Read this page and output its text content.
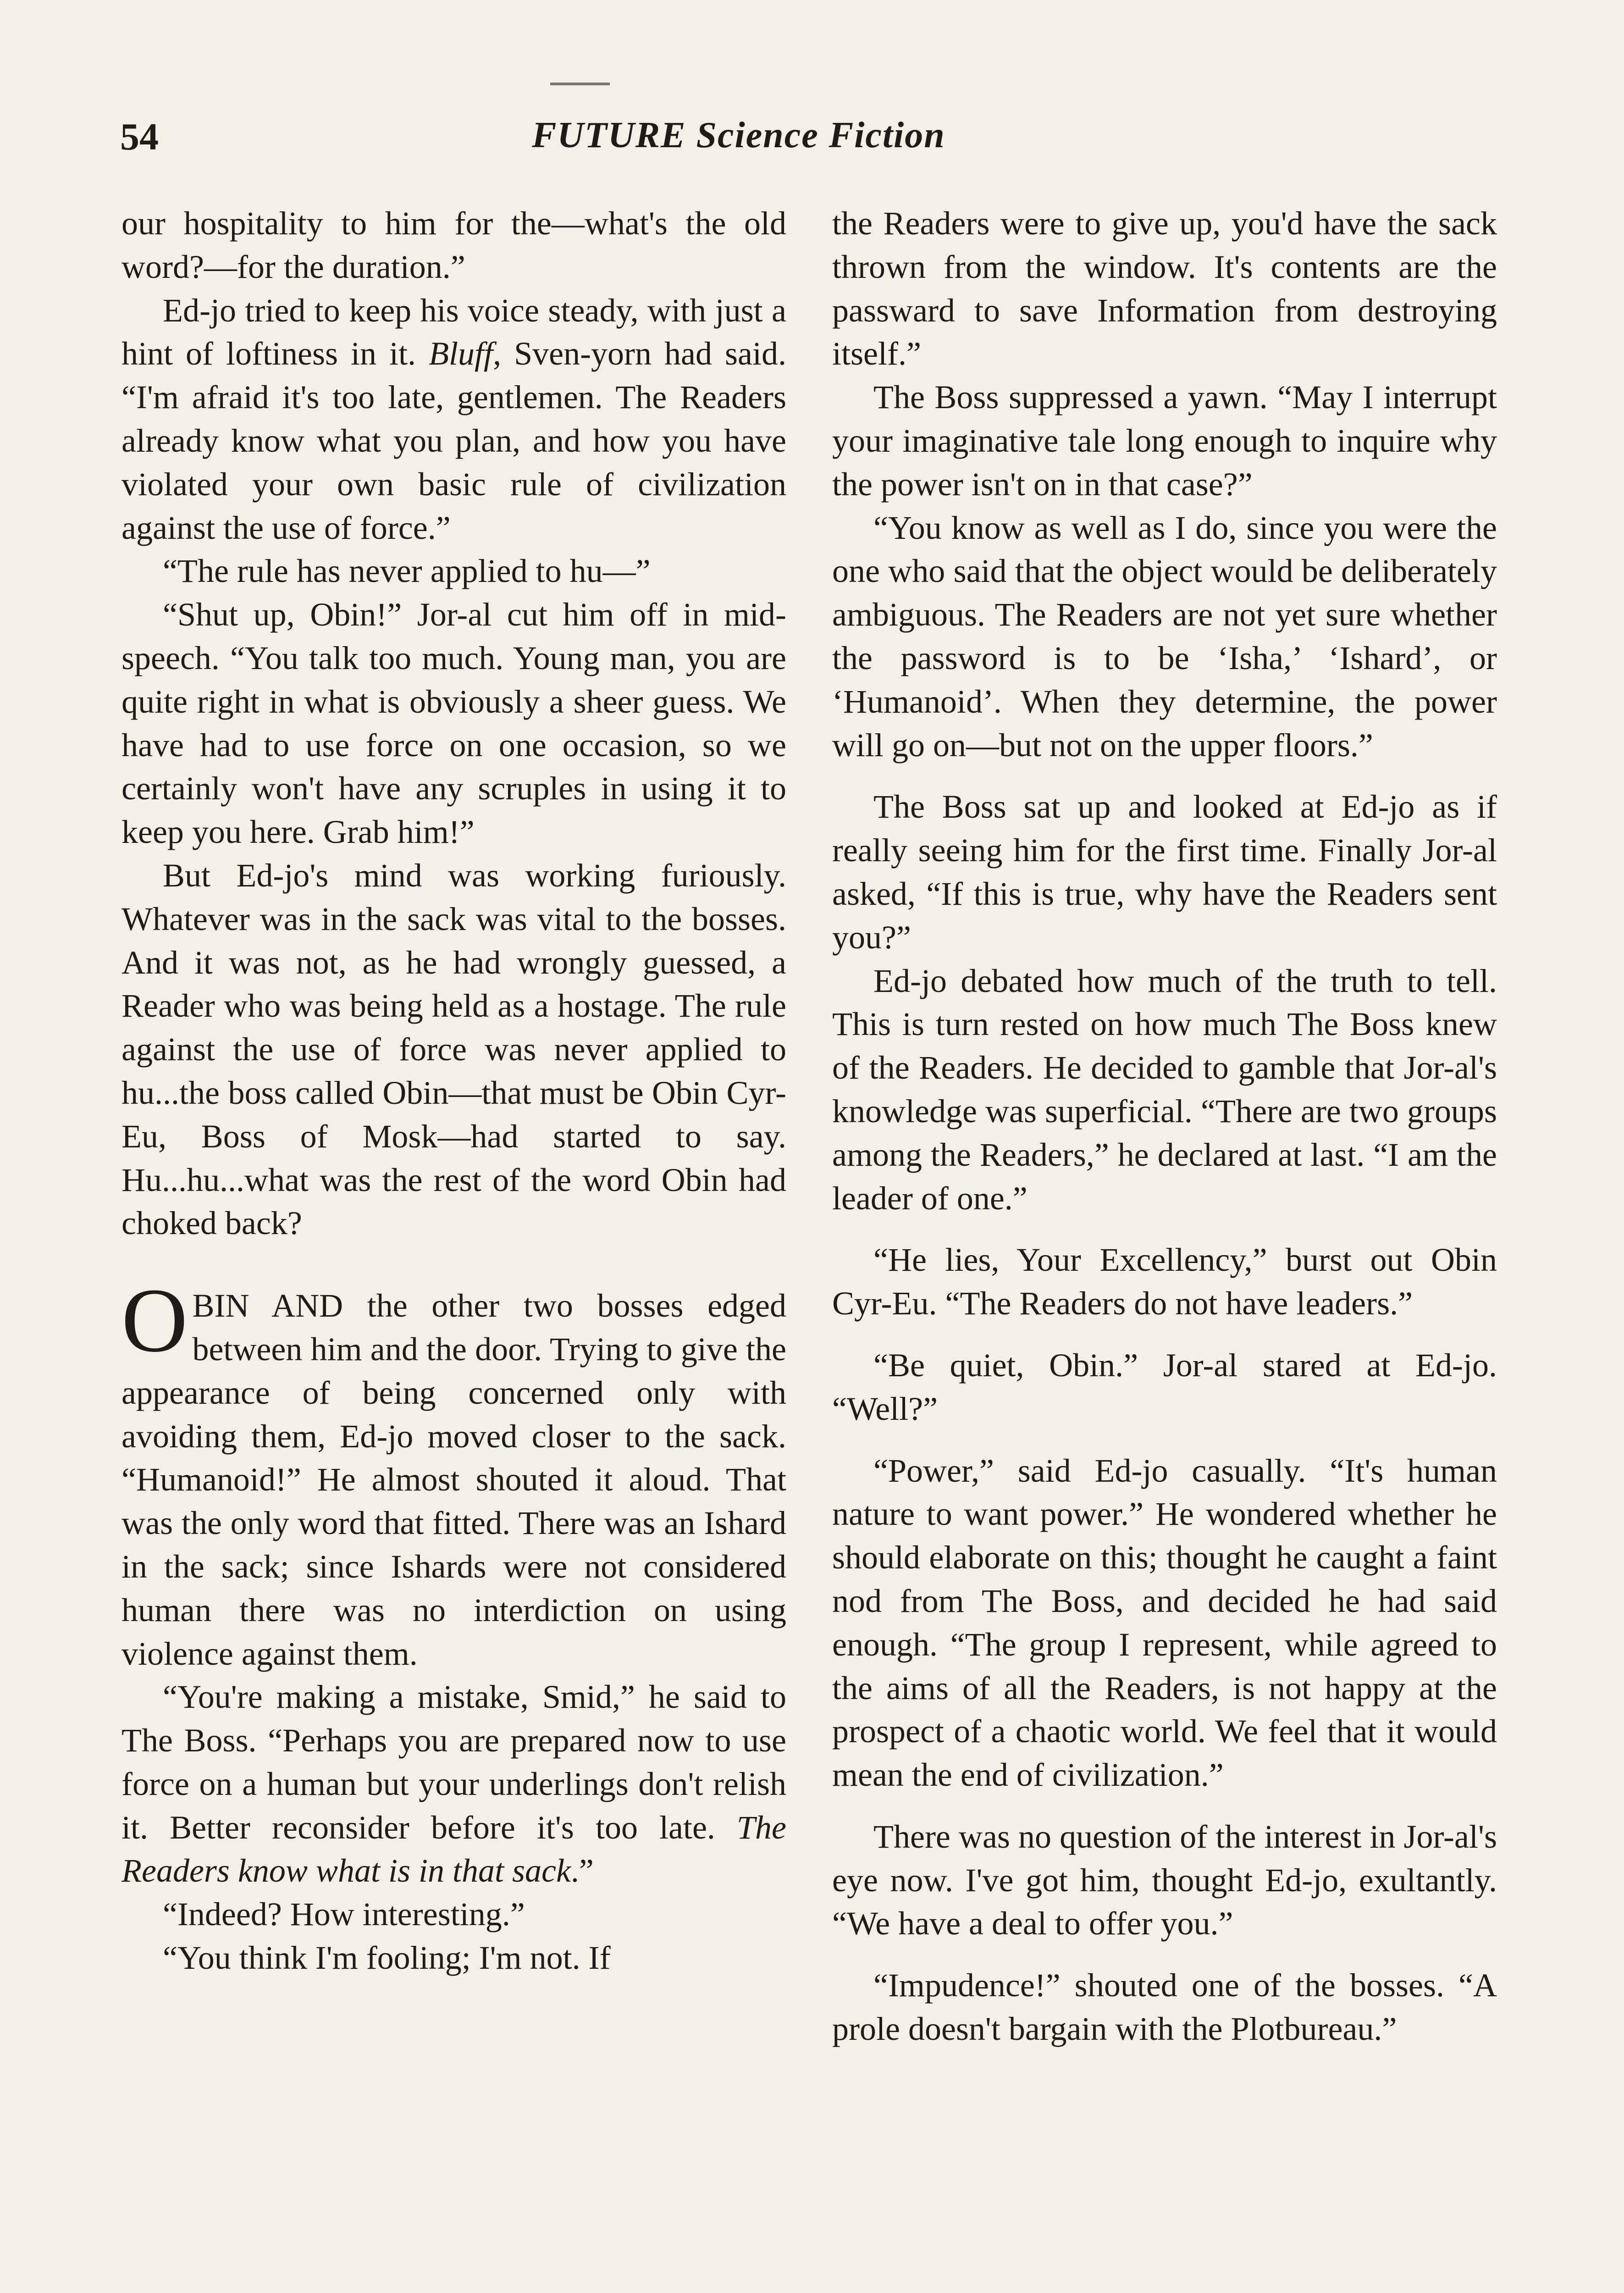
54	FUTURE Science Fiction

our hospitality to him for the—what's the old word?—for the duration.”

Ed-jo tried to keep his voice steady, with just a hint of loftiness in it. Bluff, Sven-yorn had said. “I'm afraid it's too late, gentlemen. The Readers already know what you plan, and how you have violated your own basic rule of civilization against the use of force.”

“The rule has never applied to hu—”

“Shut up, Obin!” Jor-al cut him off in mid-speech. “You talk too much. Young man, you are quite right in what is obviously a sheer guess. We have had to use force on one occasion, so we certainly won't have any scruples in using it to keep you here. Grab him!”

But Ed-jo's mind was working furiously. Whatever was in the sack was vital to the bosses. And it was not, as he had wrongly guessed, a Reader who was being held as a hostage. The rule against the use of force was never applied to hu...the boss called Obin—that must be Obin Cyr-Eu, Boss of Mosk—had started to say. Hu...hu...what was the rest of the word Obin had choked back?

OBIN AND the other two bosses edged between him and the door. Trying to give the appearance of being concerned only with avoiding them, Ed-jo moved closer to the sack. “Humanoid!” He almost shouted it aloud. That was the only word that fitted. There was an Ishard in the sack; since Ishards were not considered human there was no interdiction on using violence against them.

“You're making a mistake, Smid,” he said to The Boss. “Perhaps you are prepared now to use force on a human but your underlings don't relish it. Better reconsider before it's too late. The Readers know what is in that sack.”

“Indeed? How interesting.”

“You think I'm fooling; I'm not. If

the Readers were to give up, you'd have the sack thrown from the window. It's contents are the passward to save Information from destroying itself.”

The Boss suppressed a yawn. “May I interrupt your imaginative tale long enough to inquire why the power isn't on in that case?”

“You know as well as I do, since you were the one who said that the object would be deliberately ambiguous. The Readers are not yet sure whether the password is to be ‘Isha,’ ‘Ishard’, or ‘Humanoid’. When they determine, the power will go on—but not on the upper floors.”

The Boss sat up and looked at Ed-jo as if really seeing him for the first time. Finally Jor-al asked, “If this is true, why have the Readers sent you?”

Ed-jo debated how much of the truth to tell. This is turn rested on how much The Boss knew of the Readers. He decided to gamble that Jor-al's knowledge was superficial. “There are two groups among the Readers,” he declared at last. “I am the leader of one.”

“He lies, Your Excellency,” burst out Obin Cyr-Eu. “The Readers do not have leaders.”

“Be quiet, Obin.” Jor-al stared at Ed-jo. “Well?”

“Power,” said Ed-jo casually. “It's human nature to want power.” He wondered whether he should elaborate on this; thought he caught a faint nod from The Boss, and decided he had said enough. “The group I represent, while agreed to the aims of all the Readers, is not happy at the prospect of a chaotic world. We feel that it would mean the end of civilization.”

There was no question of the interest in Jor-al's eye now. I've got him, thought Ed-jo, exultantly. “We have a deal to offer you.”

“Impudence!” shouted one of the bosses. “A prole doesn't bargain with the Plotbureau.”
